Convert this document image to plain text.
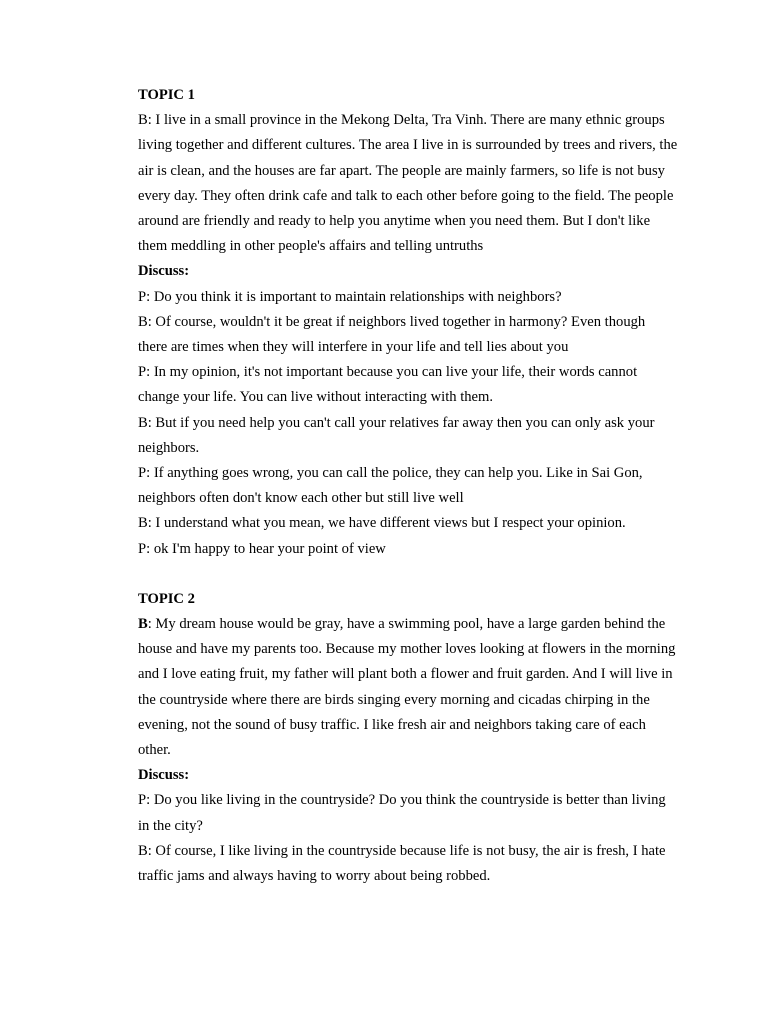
TOPIC 1

B: I live in a small province in the Mekong Delta, Tra Vinh. There are many ethnic groups living together and different cultures. The area I live in is surrounded by trees and rivers, the air is clean, and the houses are far apart. The people are mainly farmers, so life is not busy every day. They often drink cafe and talk to each other before going to the field. The people around are friendly and ready to help you anytime when you need them. But I don't like them meddling in other people's affairs and telling untruths

Discuss:

P: Do you think it is important to maintain relationships with neighbors?

B: Of course, wouldn't it be great if neighbors lived together in harmony? Even though there are times when they will interfere in your life and tell lies about you

P: In my opinion, it's not important because you can live your life, their words cannot change your life. You can live without interacting with them.

B: But if you need help you can't call your relatives far away then you can only ask your neighbors.

P: If anything goes wrong, you can call the police, they can help you. Like in Sai Gon, neighbors often don't know each other but still live well

B: I understand what you mean, we have different views but I respect your opinion.

P: ok I'm happy to hear your point of view

TOPIC 2

B: My dream house would be gray, have a swimming pool, have a large garden behind the house and have my parents too. Because my mother loves looking at flowers in the morning and I love eating fruit, my father will plant both a flower and fruit garden. And I will live in the countryside where there are birds singing every morning and cicadas chirping in the evening, not the sound of busy traffic. I like fresh air and neighbors taking care of each other.

Discuss:

P: Do you like living in the countryside? Do you think the countryside is better than living in the city?

B: Of course, I like living in the countryside because life is not busy, the air is fresh, I hate traffic jams and always having to worry about being robbed.
